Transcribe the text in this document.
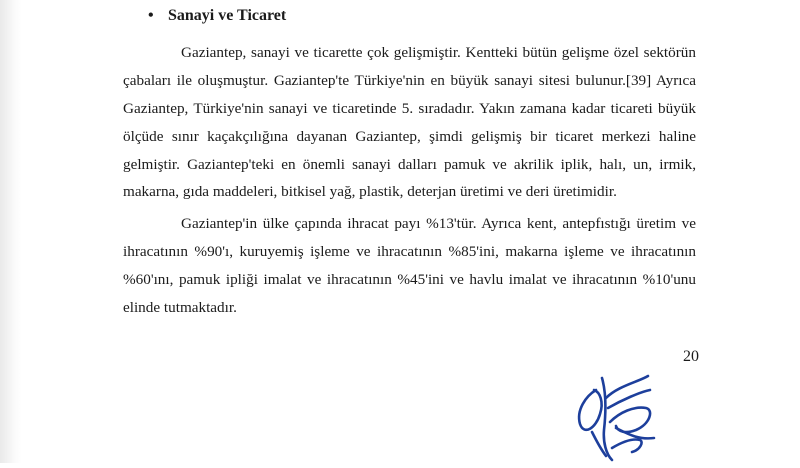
• Sanayi ve Ticaret
Gaziantep, sanayi ve ticarette çok gelişmiştir. Kentteki bütün gelişme özel sektörün
çabaları ile oluşmuştur. Gaziantep'te Türkiye'nin en büyük sanayi sitesi bulunur.[39] Ayrıca
Gaziantep, Türkiye'nin sanayi ve ticaretinde 5. sıradadır. Yakın zamana kadar ticareti büyük
ölçüde sınır kaçakçılığına dayanan Gaziantep, şimdi gelişmiş bir ticaret merkezi haline
gelmiştir. Gaziantep'teki en önemli sanayi dalları pamuk ve akrilik iplik, halı, un, irmik,
makarna, gıda maddeleri, bitkisel yağ, plastik, deterjan üretimi ve deri üretimidir.
Gaziantep'in ülke çapında ihracat payı %13'tür. Ayrıca kent, antepfıstığı üretim ve
ihracatının %90'ı, kuruyemiş işleme ve ihracatının %85'ini, makarna işleme ve ihracatının
%60'ını, pamuk ipliği imalat ve ihracatının %45'ini ve havlu imalat ve ihracatının %10'unu
elinde tutmaktadır.
20
